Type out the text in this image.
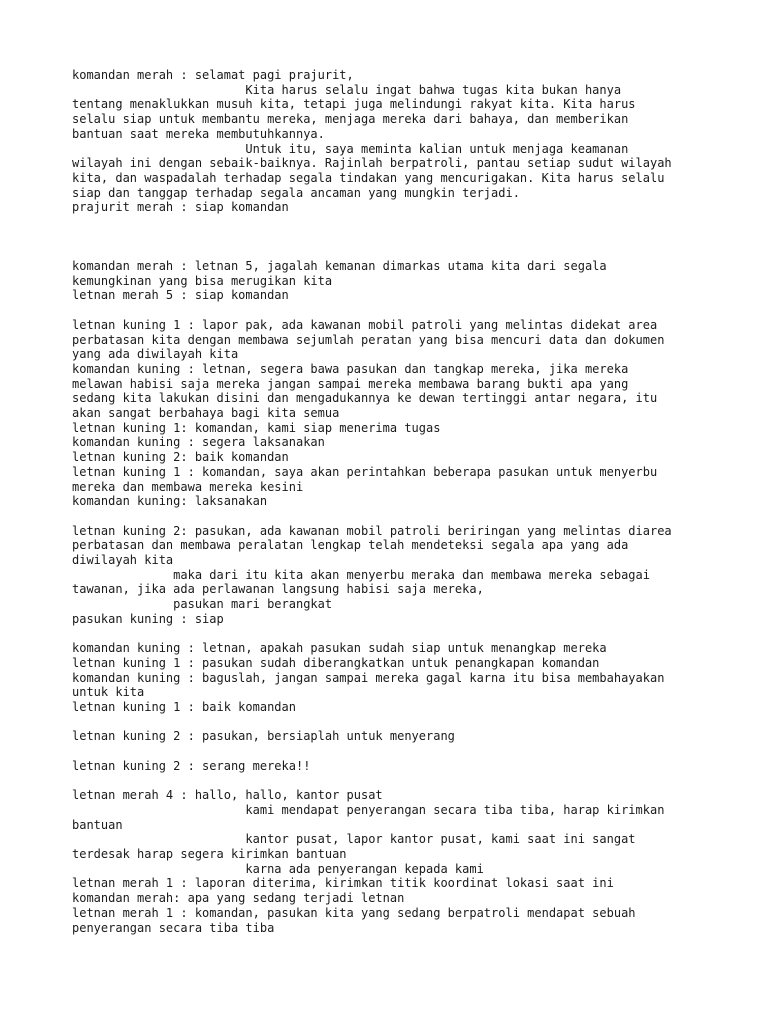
komandan merah : selamat pagi prajurit,
Kita harus selalu ingat bahwa tugas kita bukan hanya
tentang menaklukkan musuh kita, tetapi juga melindungi rakyat kita. Kita harus
selalu siap untuk membantu mereka, menjaga mereka dari bahaya, dan memberikan
bantuan saat mereka membutuhkannya.
Untuk itu, saya meminta kalian untuk menjaga keamanan
wilayah ini dengan sebaik-baiknya. Rajinlah berpatroli, pantau setiap sudut wilayah
kita, dan waspadalah terhadap segala tindakan yang mencurigakan. Kita harus selalu
siap dan tanggap terhadap segala ancaman yang mungkin terjadi.
prajurit merah : siap komandan
komandan merah : letnan 5, jagalah kemanan dimarkas utama kita dari segala
kemungkinan yang bisa merugikan kita
letnan merah 5 : siap komandan
letnan kuning 1 : lapor pak, ada kawanan mobil patroli yang melintas didekat area
perbatasan kita dengan membawa sejumlah peratan yang bisa mencuri data dan dokumen
yang ada diwilayah kita
komandan kuning : letnan, segera bawa pasukan dan tangkap mereka, jika mereka
melawan habisi saja mereka jangan sampai mereka membawa barang bukti apa yang
sedang kita lakukan disini dan mengadukannya ke dewan tertinggi antar negara, itu
akan sangat berbahaya bagi kita semua
letnan kuning 1: komandan, kami siap menerima tugas
komandan kuning : segera laksanakan
letnan kuning 2: baik komandan
letnan kuning 1 : komandan, saya akan perintahkan beberapa pasukan untuk menyerbu
mereka dan membawa mereka kesini
komandan kuning: laksanakan
letnan kuning 2: pasukan, ada kawanan mobil patroli beriringan yang melintas diarea
perbatasan dan membawa peralatan lengkap telah mendeteksi segala apa yang ada
diwilayah kita
maka dari itu kita akan menyerbu meraka dan membawa mereka sebagai
tawanan, jika ada perlawanan langsung habisi saja mereka,
pasukan mari berangkat
pasukan kuning : siap
komandan kuning : letnan, apakah pasukan sudah siap untuk menangkap mereka
letnan kuning 1 : pasukan sudah diberangkatkan untuk penangkapan komandan
komandan kuning : baguslah, jangan sampai mereka gagal karna itu bisa membahayakan
untuk kita
letnan kuning 1 : baik komandan
letnan kuning 2 : pasukan, bersiaplah untuk menyerang
letnan kuning 2 : serang mereka!!
letnan merah 4 : hallo, hallo, kantor pusat
kami mendapat penyerangan secara tiba tiba, harap kirimkan
bantuan
kantor pusat, lapor kantor pusat, kami saat ini sangat
terdesak harap segera kirimkan bantuan
karna ada penyerangan kepada kami
letnan merah 1 : laporan diterima, kirimkan titik koordinat lokasi saat ini
komandan merah: apa yang sedang terjadi letnan
letnan merah 1 : komandan, pasukan kita yang sedang berpatroli mendapat sebuah
penyerangan secara tiba tiba
